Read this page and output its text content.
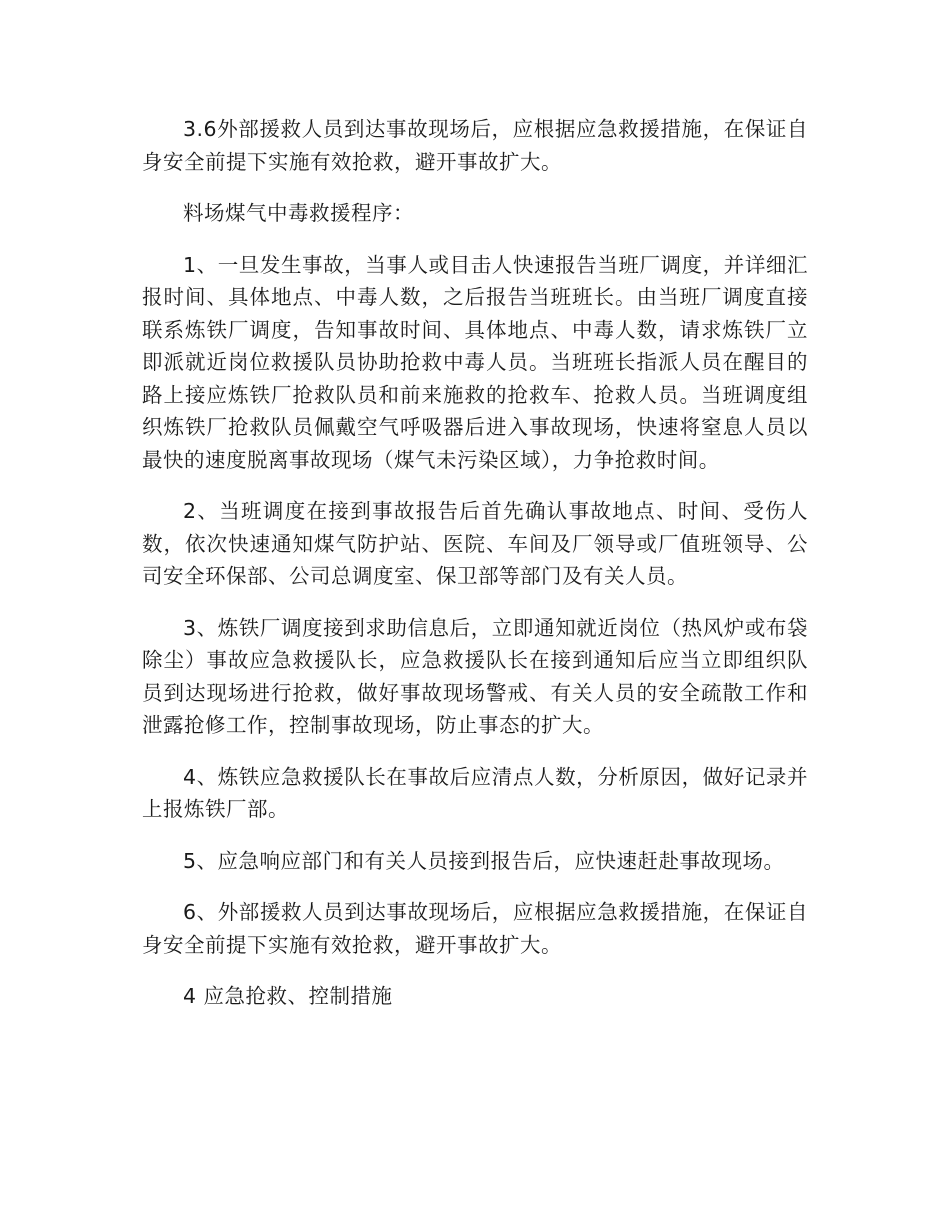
3.6外部援救人员到达事故现场后，应根据应急救援措施，在保证自身安全前提下实施有效抢救，避开事故扩大。

料场煤气中毒救援程序：

1、一旦发生事故，当事人或目击人快速报告当班厂调度，并详细汇报时间、具体地点、中毒人数，之后报告当班班长。由当班厂调度直接联系炼铁厂调度，告知事故时间、具体地点、中毒人数，请求炼铁厂立即派就近岗位救援队员协助抢救中毒人员。当班班长指派人员在醒目的路上接应炼铁厂抢救队员和前来施救的抢救车、抢救人员。当班调度组织炼铁厂抢救队员佩戴空气呼吸器后进入事故现场，快速将窒息人员以最快的速度脱离事故现场（煤气未污染区域），力争抢救时间。

2、当班调度在接到事故报告后首先确认事故地点、时间、受伤人数，依次快速通知煤气防护站、医院、车间及厂领导或厂值班领导、公司安全环保部、公司总调度室、保卫部等部门及有关人员。

3、炼铁厂调度接到求助信息后，立即通知就近岗位（热风炉或布袋除尘）事故应急救援队长，应急救援队长在接到通知后应当立即组织队员到达现场进行抢救，做好事故现场警戒、有关人员的安全疏散工作和泄露抢修工作，控制事故现场，防止事态的扩大。

4、炼铁应急救援队长在事故后应清点人数，分析原因，做好记录并上报炼铁厂部。

5、应急响应部门和有关人员接到报告后，应快速赶赴事故现场。

6、外部援救人员到达事故现场后，应根据应急救援措施，在保证自身安全前提下实施有效抢救，避开事故扩大。

4 应急抢救、控制措施
